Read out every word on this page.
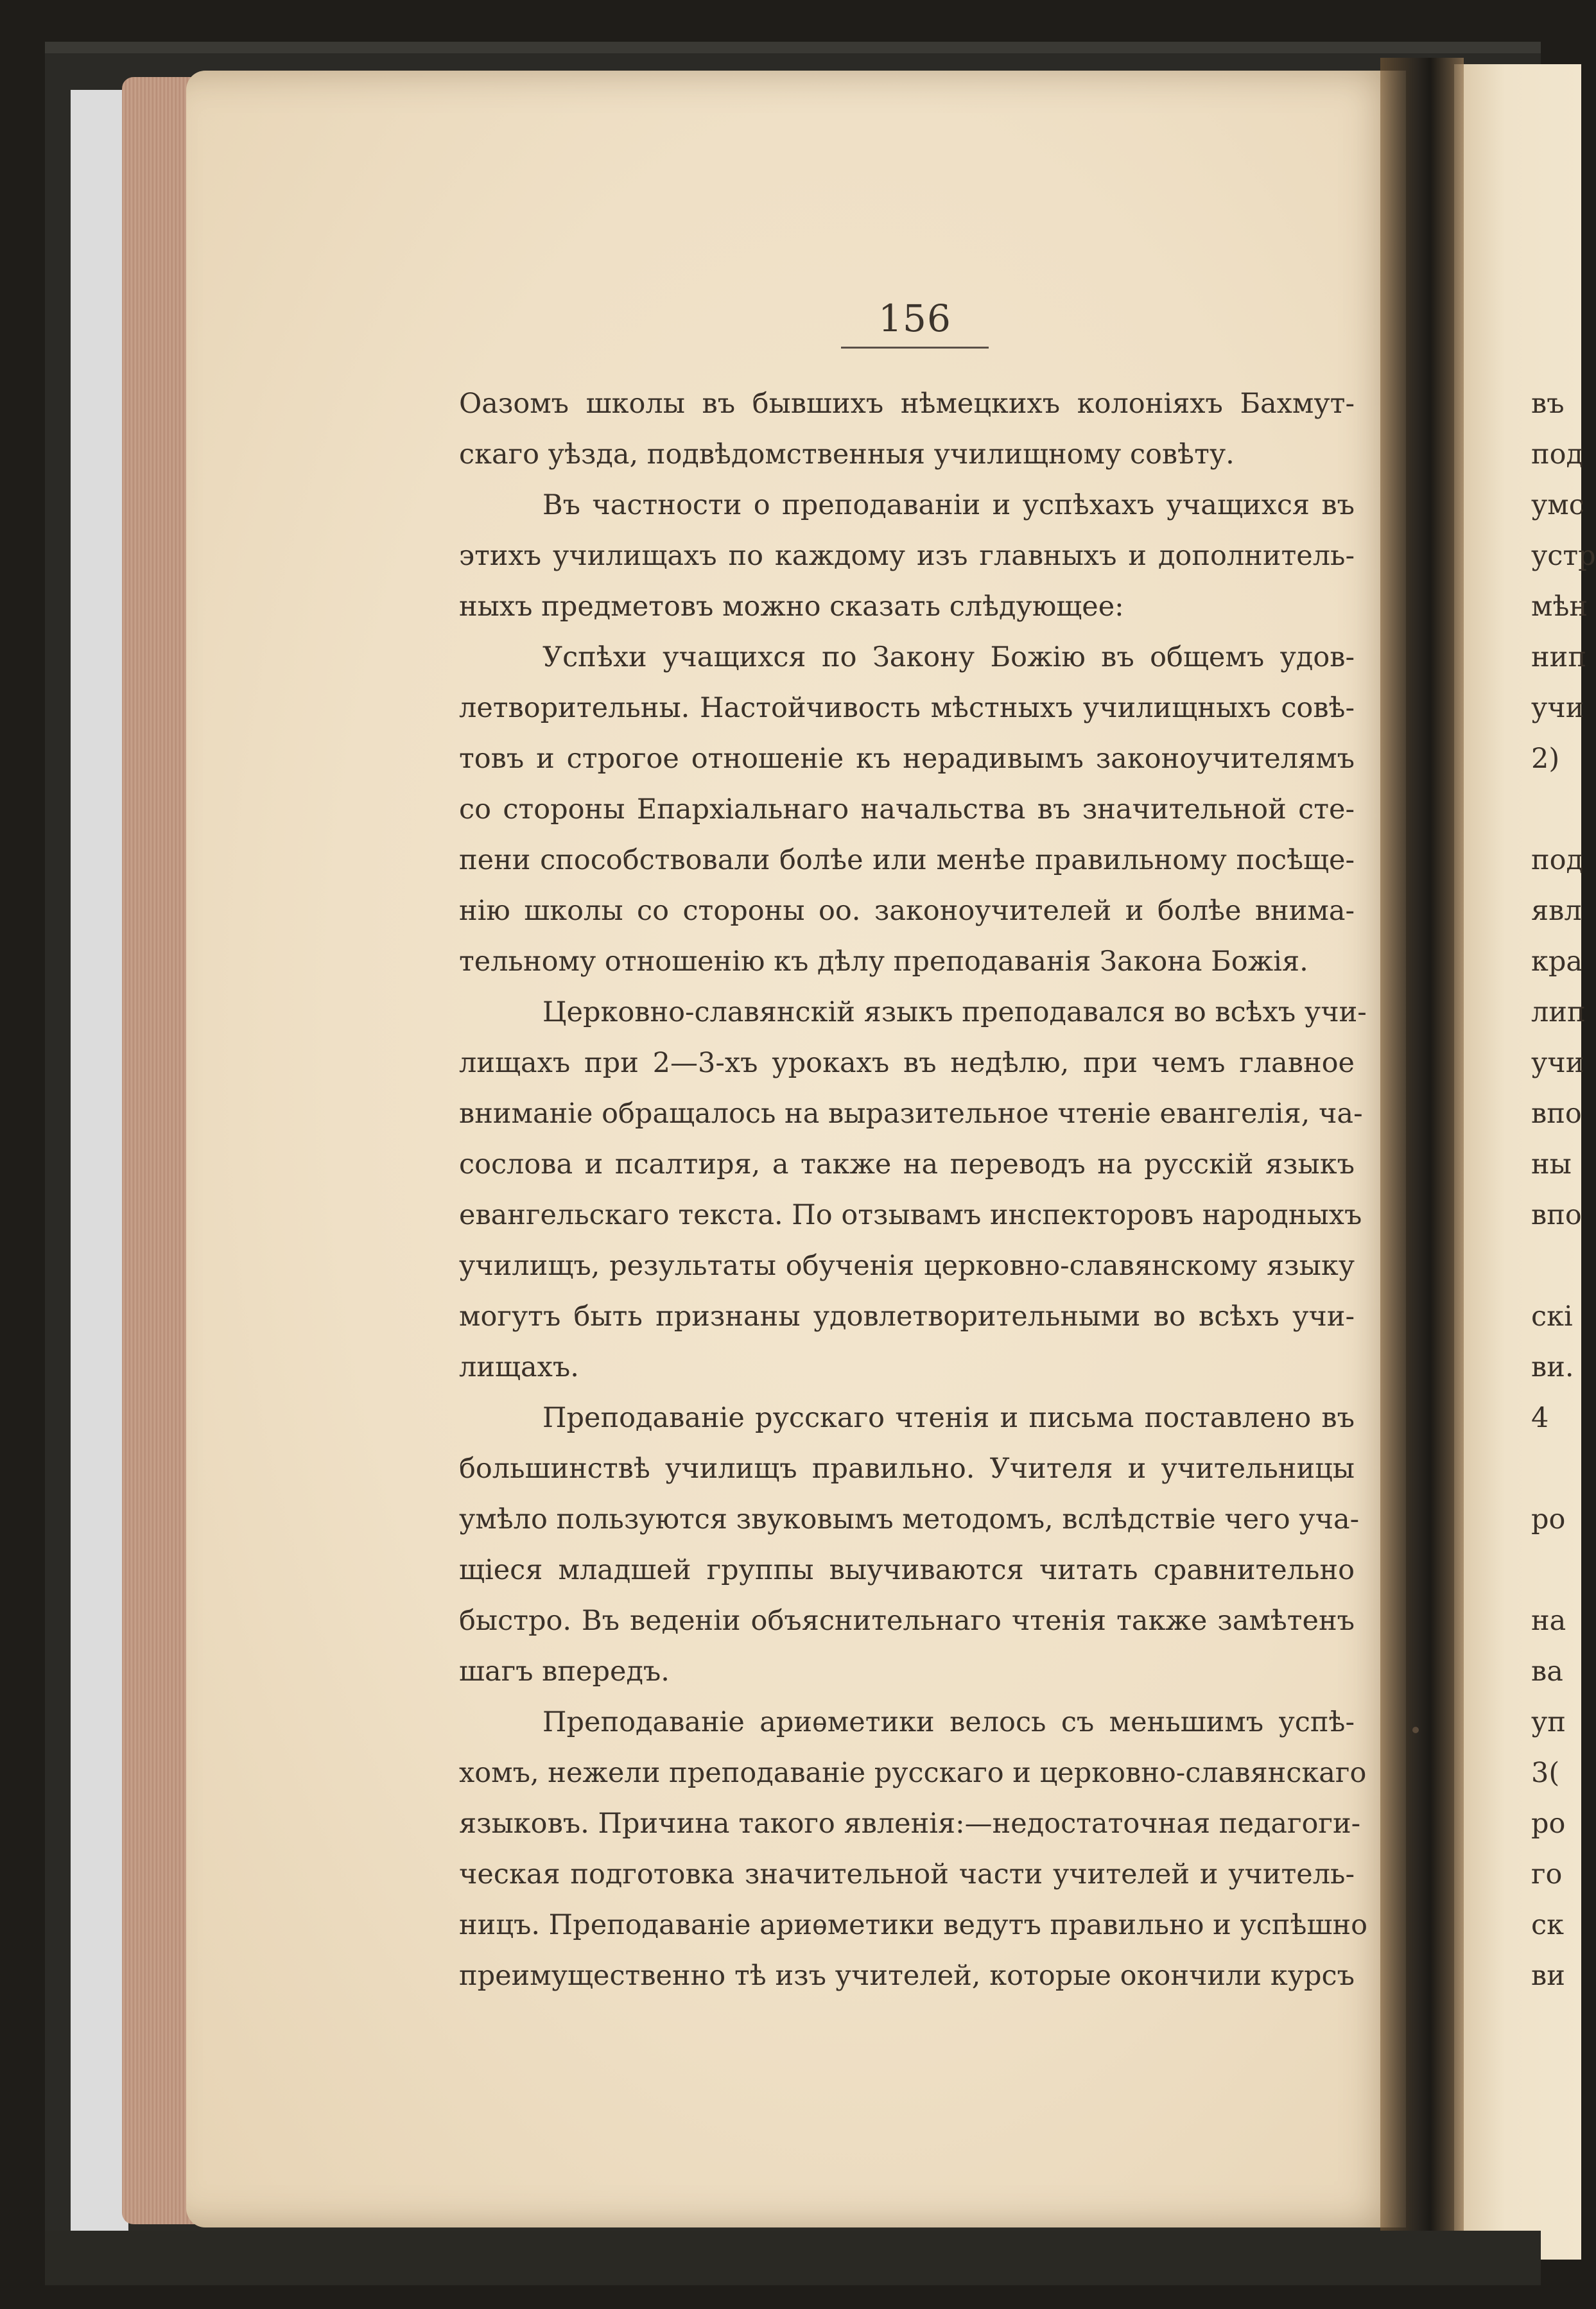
156
Оазомъ школы въ бывшихъ нѣмецкихъ колоніяхъ Бахмут-
скаго уѣзда, подвѣдомственныя училищному совѣту.
Въ частности о преподаваніи и успѣхахъ учащихся въ
этихъ училищахъ по каждому изъ главныхъ и дополнитель-
ныхъ предметовъ можно сказать слѣдующее:
Успѣхи учащихся по Закону Божію въ общемъ удов-
летворительны. Настойчивость мѣстныхъ училищныхъ совѣ-
товъ и строгое отношеніе къ нерадивымъ законоучителямъ
со стороны Епархіальнаго начальства въ значительной сте-
пени способствовали болѣе или менѣе правильному посѣще-
нію школы со стороны оо. законоучителей и болѣе внима-
тельному отношенію къ дѣлу преподаванія Закона Божія.
Церковно-славянскій языкъ преподавался во всѣхъ учи-
лищахъ при 2—3-хъ урокахъ въ недѣлю, при чемъ главное
вниманіе обращалось на выразительное чтеніе евангелія, ча-
сослова и псалтиря, а также на переводъ на русскій языкъ
евангельскаго текста. По отзывамъ инспекторовъ народныхъ
училищъ, результаты обученія церковно-славянскому языку
могутъ быть признаны удовлетворительными во всѣхъ учи-
лищахъ.
Преподаваніе русскаго чтенія и письма поставлено въ
большинствѣ училищъ правильно. Учителя и учительницы
умѣло пользуются звуковымъ методомъ, вслѣдствіе чего уча-
щіеся младшей группы выучиваются читать сравнительно
быстро. Въ веденіи объяснительнаго чтенія также замѣтенъ
шагъ впередъ.
Преподаваніе ариѳметики велось съ меньшимъ успѣ-
хомъ, нежели преподаваніе русскаго и церковно-славянскаго
языковъ. Причина такого явленія:—недостаточная педагоги-
ческая подготовка значительной части учителей и учитель-
ницъ. Преподаваніе ариѳметики ведутъ правильно и успѣшно
преимущественно тѣ изъ учителей, которые окончили курсъ
въ
под
умс
устр
мѣн
нип
учи
2)
под
явл
кра
лип
учи
впо
ны
впо
скі
ви.
4
ро
на
ва
уп
3(
ро
го
ск
ви
